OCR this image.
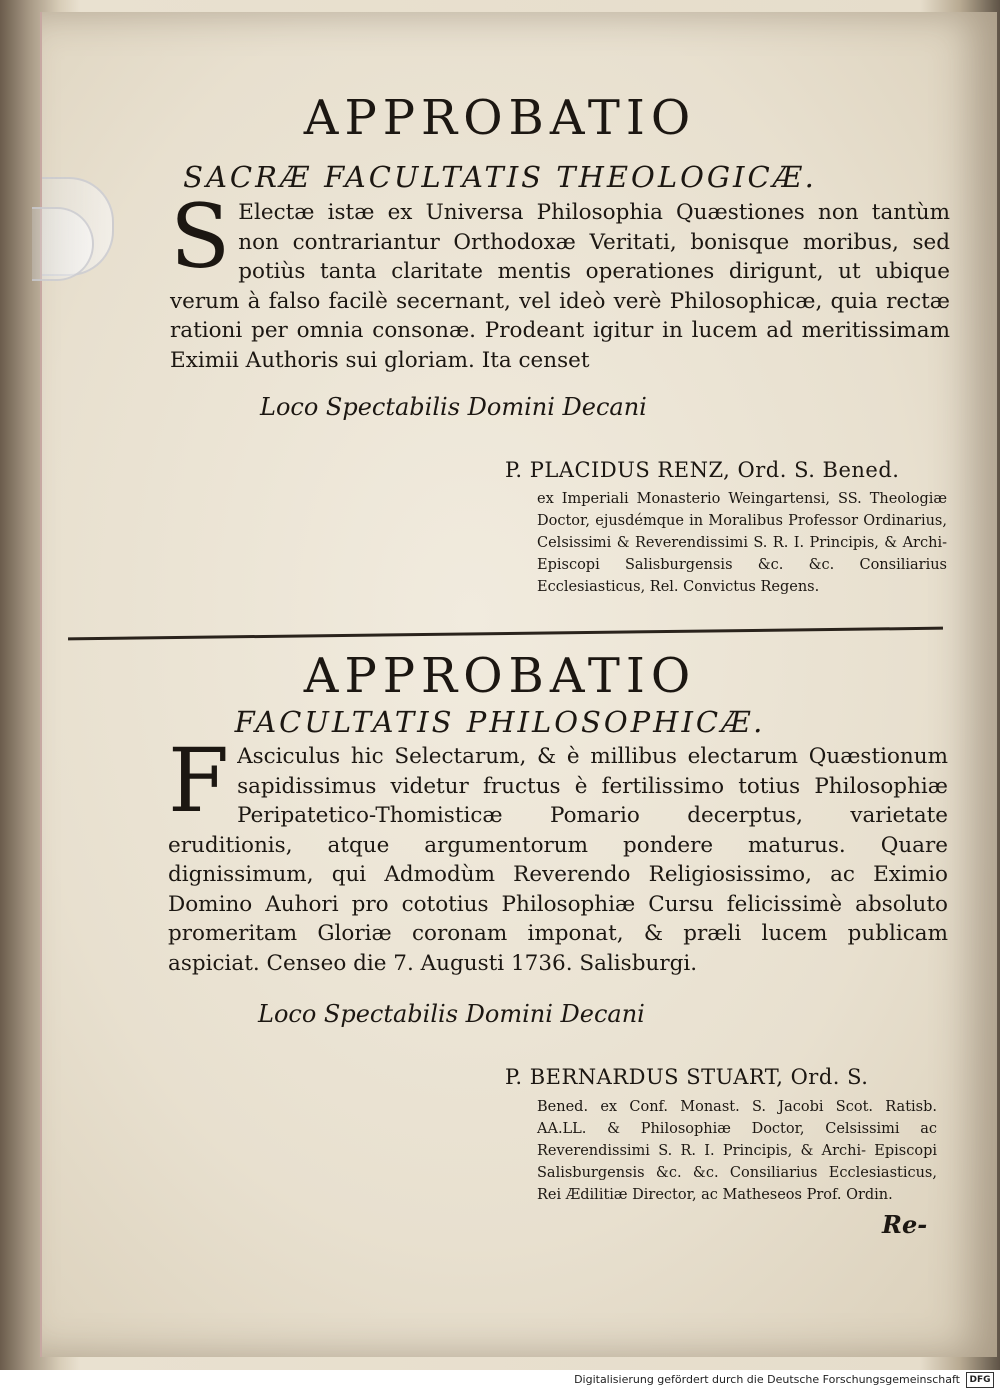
APPROBATIO
SACRÆ FACULTATIS THEOLOGICÆ.
S Electæ istæ ex Universa Philosophia Quæstiones non tantùm non contrariantur Orthodoxæ Veritati, bonisque moribus, sed potiùs tanta claritate mentis operationes dirigunt, ut ubique verum à falso facilè secernant, vel ideò verè Philosophicæ, quia rectæ rationi per omnia consonæ. Prodeant igitur in lucem ad meritissimam Eximii Authoris sui gloriam. Ita censet
Loco Spectabilis Domini Decani
P. PLACIDUS RENZ, Ord. S. Bened.
ex Imperiali Monasterio Weingartensi, SS. Theologiæ Doctor, ejusdémque in Moralibus Professor Ordinarius, Celsissimi & Reverendissimi S. R. I. Principis, & Archi-Episcopi Salisburgensis &c. &c. Consiliarius Ecclesiasticus, Rel. Convictus Regens.
APPROBATIO
FACULTATIS PHILOSOPHICÆ.
F Asciculus hic Selectarum, & è millibus electarum Quæstionum sapidissimus videtur fructus è fertilissimo totius Philosophiæ Peripatetico-Thomisticæ Pomario decerptus, varietate eruditionis, atque argumentorum pondere maturus. Quare dignissimum, qui Admodùm Reverendo Religiosissimo, ac Eximio Domino Auhori pro cototius Philosophiæ Cursu felicissimè absoluto promeritam Gloriæ coronam imponat, & præli lucem publicam aspiciat. Censeo die 7. Augusti 1736. Salisburgi.
Loco Spectabilis Domini Decani
P. BERNARDUS STUART, Ord. S.
Bened. ex Conf. Monast. S. Jacobi Scot. Ratisb. AA.LL. & Philosophiæ Doctor, Celsissimi ac Reverendissimi S. R. I. Principis, & Archi- Episcopi Salisburgensis &c. &c. Consiliarius Ecclesiasticus, Rei Ædilitiæ Director, ac Matheseos Prof. Ordin.
Re-
Digitalisierung gefördert durch die Deutsche Forschungsgemeinschaft DFG
